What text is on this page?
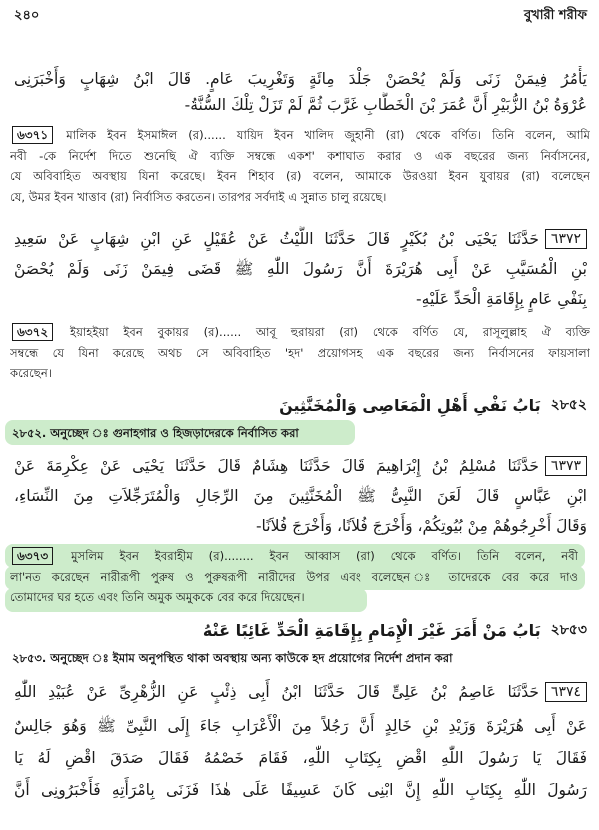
২৪০	বুখারী শরীফ
يَأْمُرُ فِيمَنْ زَنَى وَلَمْ يُحْصَنْ جَلْدَ مِائَةٍ وَتَغْرِيبَ عَامٍ. قَالَ ابْنُ شِهَابٍ وَأَخْبَرَنِى
عُرْوَةُ بْنُ الزُّبَيْرِ أَنَّ عُمَرَ بْنَ الْخَطَّابِ غَرَّبَ ثُمَّ لَمْ تَزَلْ تِلْكَ السُّنَّةُ-
৬৩৭১ মালিক ইবন ইসমাঈল (র)...... যায়িদ ইবন খালিদ জুহানী (রা) থেকে বর্ণিত। তিনি বলেন, আমি
নবী -কে নির্দেশ দিতে শুনেছি ঐ ব্যক্তি সম্বন্ধে একশ' কশাঘাত করার ও এক বছরের জন্য নির্বাসনের,
যে অবিবাহিত অবস্থায় যিনা করেছে। ইবন শিহাব (র) বলেন, আমাকে উরওয়া ইবন যুবায়র (রা) বলেছেন
যে, উমর ইবন খাত্তাব (রা) নির্বাসিত করতেন। তারপর সর্বদাই এ সুন্নাত চালু রয়েছে।
٦٣٧٢
حَدَّثَنَا يَحْيَى بْنُ بُكَيْرٍ قَالَ حَدَّثَنَا اللَّيْثُ عَنْ عُقَيْلٍ عَنِ ابْنِ شِهَابٍ عَنْ سَعِيدِ
بْنِ الْمُسَيَّبِ عَنْ أَبِى هُرَيْرَةَ أَنَّ رَسُولَ اللّٰهِ ﷺ قَضَى فِيمَنْ زَنَى وَلَمْ يُحْصَنْ
بِنَفْىِ عَامٍ بِإِقَامَةِ الْحَدِّ عَلَيْهِ-
৬৩৭২ ইয়াহইয়া ইবন বুকায়র (র)...... আবূ হুরায়রা (রা) থেকে বর্ণিত যে, রাসূলুল্লাহ ঐ ব্যক্তি
সম্বন্ধে যে যিনা করেছে অথচ সে অবিবাহিত 'হদ' প্রয়োগসহ এক বছরের জন্য নির্বাসনের ফায়সালা
করেছেন।
بَابُ نَفْىِ أَهْلِ الْمَعَاصِى وَالْمُخَنَّثِينَ ২৮৫২
২৮৫২. অনুচ্ছেদ ঃ গুনাহগার ও হিজড়াদেরকে নির্বাসিত করা
٦٣٧٣
حَدَّثَنَا مُسْلِمُ بْنُ إِبْرَاهِيمَ قَالَ حَدَّثَنَا هِشَامٌ قَالَ حَدَّثَنَا يَحْيَى عَنْ عِكْرِمَةَ عَنْ
ابْنِ عَبَّاسٍ قَالَ لَعَنَ النَّبِىُّ ﷺ الْمُخَنَّثِينَ مِنَ الرِّجَالِ وَالْمُتَرَجِّلاَتِ مِنَ النِّسَاءِ،
وَقَالَ أَخْرِجُوهُمْ مِنْ بُيُوتِكُمْ، وَأَخْرَجَ فُلاَنًا، وَأَخْرَجَ فُلاَنًا-
৬৩৭৩ মুসলিম ইবন ইবরাহীম (র)........ ইবন আব্বাস (রা) থেকে বর্ণিত। তিনি বলেন, নবী
লা'নত করেছেন নারীরূপী পুরুষ ও পুরুষরূপী নারীদের উপর এবং বলেছেন ঃ তাদেরকে বের করে দাও
তোমাদের ঘর হতে এবং তিনি অমুক অমুককে বের করে দিয়েছেন।
بَابُ مَنْ أَمَرَ غَيْرَ الْإِمَامِ بِإِقَامَةِ الْحَدِّ غَائِبًا عَنْهُ ২৮৫৩
২৮৫৩. অনুচ্ছেদ ঃ ইমাম অনুপস্থিত থাকা অবস্থায় অন্য কাউকে হদ প্রয়োগের নির্দেশ প্রদান করা
٦٣٧٤
حَدَّثَنَا عَاصِمُ بْنُ عَلِىٍّ قَالَ حَدَّثَنَا ابْنُ أَبِى ذِئْبٍ عَنِ الزُّهْرِىِّ عَنْ عُبَيْدِ اللّٰهِ
عَنْ أَبِى هُرَيْرَةَ وَزَيْدِ بْنِ خَالِدٍ أَنَّ رَجُلاً مِنَ الْأَعْرَابِ جَاءَ إِلَى النَّبِىِّ ﷺ وَهُوَ جَالِسٌ
فَقَالَ يَا رَسُولَ اللّٰهِ اقْضِ بِكِتَابِ اللّٰهِ، فَقَامَ خَصْمُهُ فَقَالَ صَدَقَ اقْضِ لَهُ يَا
رَسُولَ اللّٰهِ بِكِتَابِ اللّٰهِ إِنَّ ابْنِى كَانَ عَسِيفًا عَلَى هٰذَا فَزَنَى بِامْرَأَتِهِ فَأَخْبَرُونِى أَنَّ
